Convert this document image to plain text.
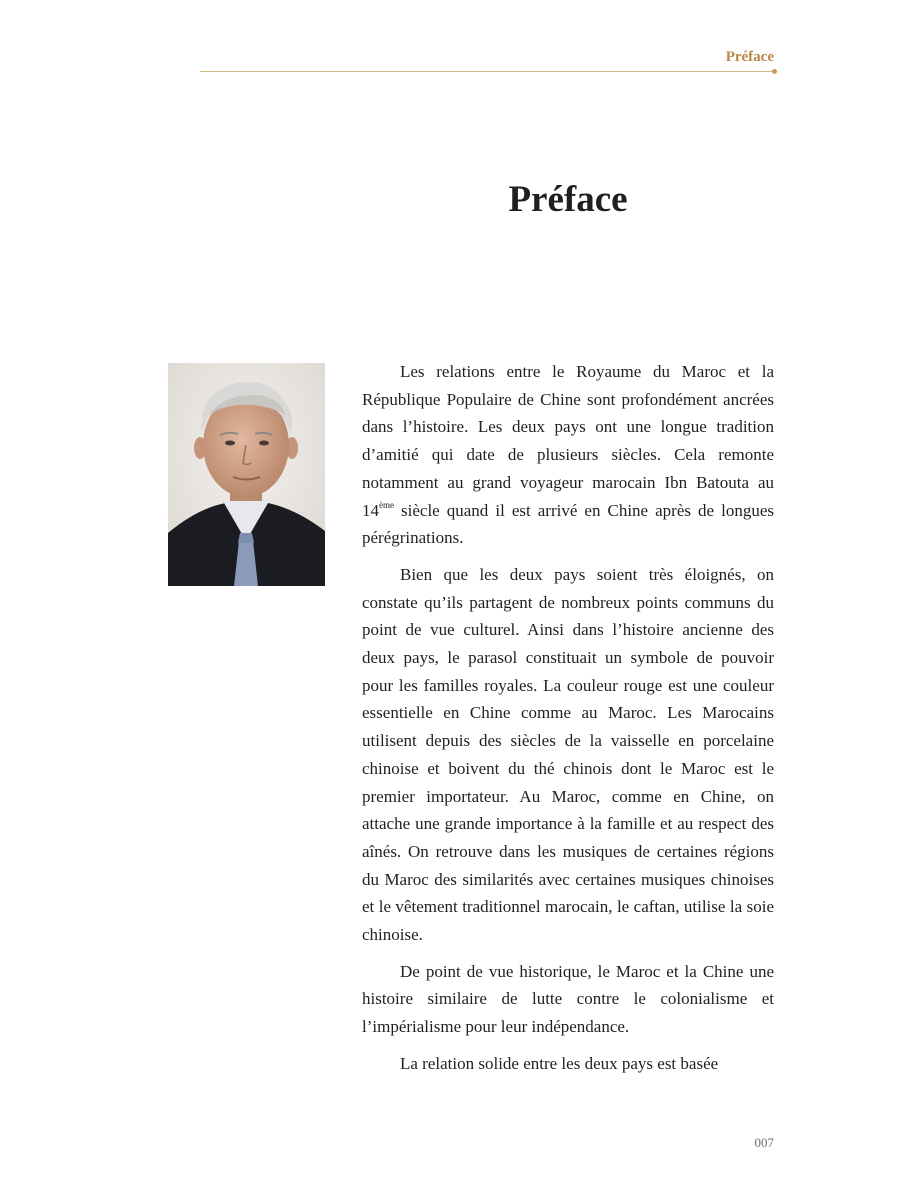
Préface
Préface

Les relations entre le Royaume du Maroc et la République Populaire de Chine sont profondément ancrées dans l’histoire. Les deux pays ont une longue tradition d’amitié qui date de plusieurs siècles. Cela remonte notamment au grand voyageur marocain Ibn Batouta au 14ème siècle quand il est arrivé en Chine après de longues pérégrinations.

Bien que les deux pays soient très éloignés, on constate qu’ils partagent de nombreux points communs du point de vue culturel. Ainsi dans l’histoire ancienne des deux pays, le parasol constituait un symbole de pouvoir pour les familles royales. La couleur rouge est une couleur essentielle en Chine comme au Maroc. Les Marocains utilisent depuis des siècles de la vaisselle en porcelaine chinoise et boivent du thé chinois dont le Maroc est le premier importateur. Au Maroc, comme en Chine, on attache une grande importance à la famille et au respect des aînés. On retrouve dans les musiques de certaines régions du Maroc des similarités avec certaines musiques chinoises et le vêtement traditionnel marocain, le caftan, utilise la soie chinoise.

De point de vue historique, le Maroc et la Chine une histoire similaire de lutte contre le colonialisme et l’impérialisme pour leur indépendance.

La relation solide entre les deux pays est basée

007
